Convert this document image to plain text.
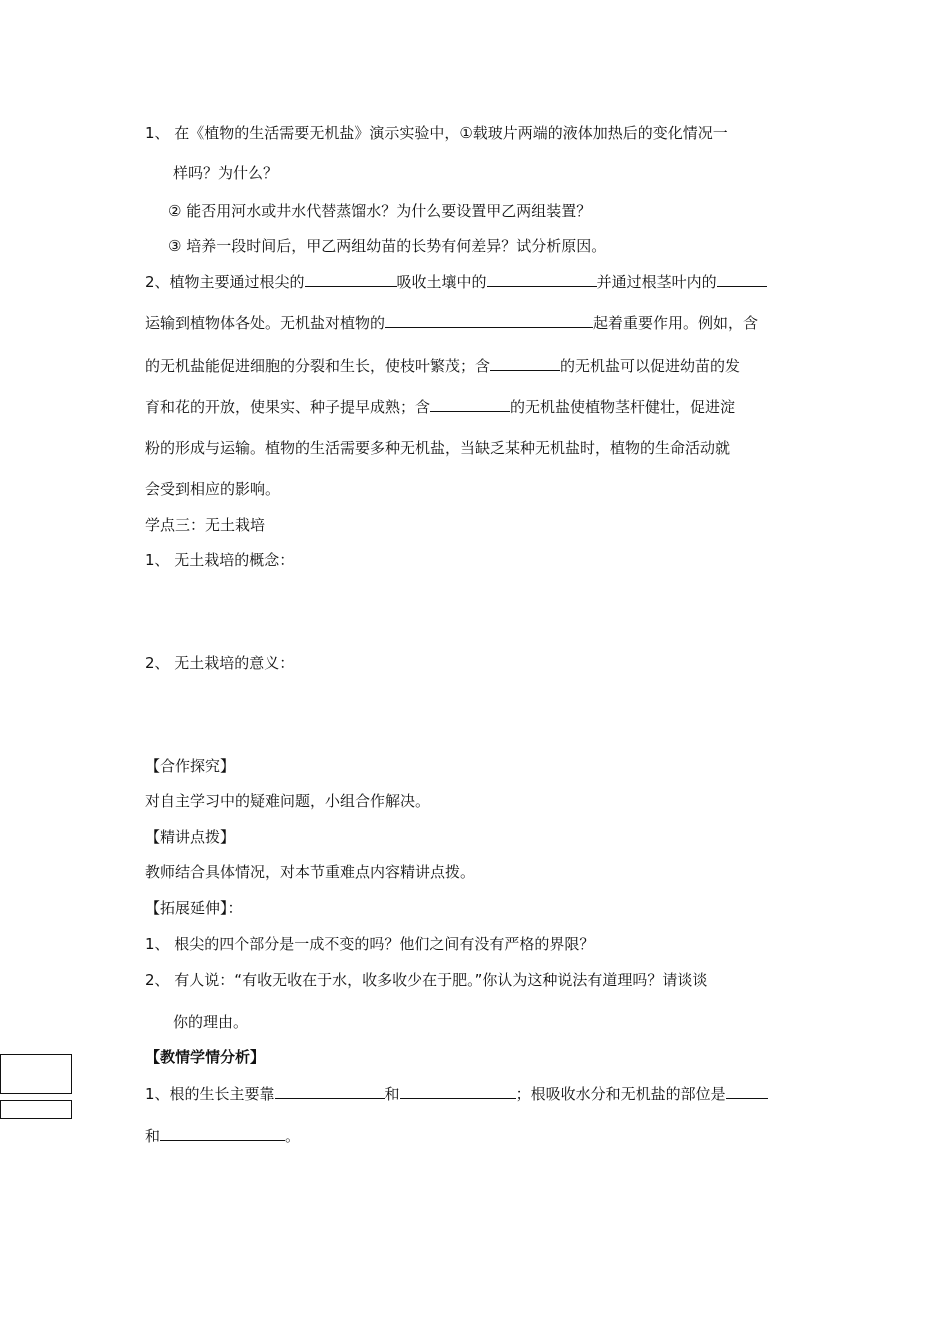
1、 在《植物的生活需要无机盐》演示实验中，①载玻片两端的液体加热后的变化情况一
样吗？为什么？
② 能否用河水或井水代替蒸馏水？为什么要设置甲乙两组装置？
③ 培养一段时间后，甲乙两组幼苗的长势有何差异？试分析原因。
2、植物主要通过根尖的	吸收土壤中的	并通过根茎叶内的
运输到植物体各处。无机盐对植物的	起着重要作用。例如，含
的无机盐能促进细胞的分裂和生长，使枝叶繁茂；含	的无机盐可以促进幼苗的发
育和花的开放，使果实、种子提早成熟；含	的无机盐使植物茎杆健壮，促进淀
粉的形成与运输。植物的生活需要多种无机盐，当缺乏某种无机盐时，植物的生命活动就
会受到相应的影响。
学点三：无土栽培
1、 无土栽培的概念：
2、 无土栽培的意义：
【合作探究】
对自主学习中的疑难问题，小组合作解决。
【精讲点拨】
教师结合具体情况，对本节重难点内容精讲点拨。
【拓展延伸】：
1、 根尖的四个部分是一成不变的吗？他们之间有没有严格的界限？
2、 有人说：“有收无收在于水，收多收少在于肥。”你认为这种说法有道理吗？请谈谈
你的理由。
【教情学情分析】
1、根的生长主要靠	和	；根吸收水分和无机盐的部位是
和	。
